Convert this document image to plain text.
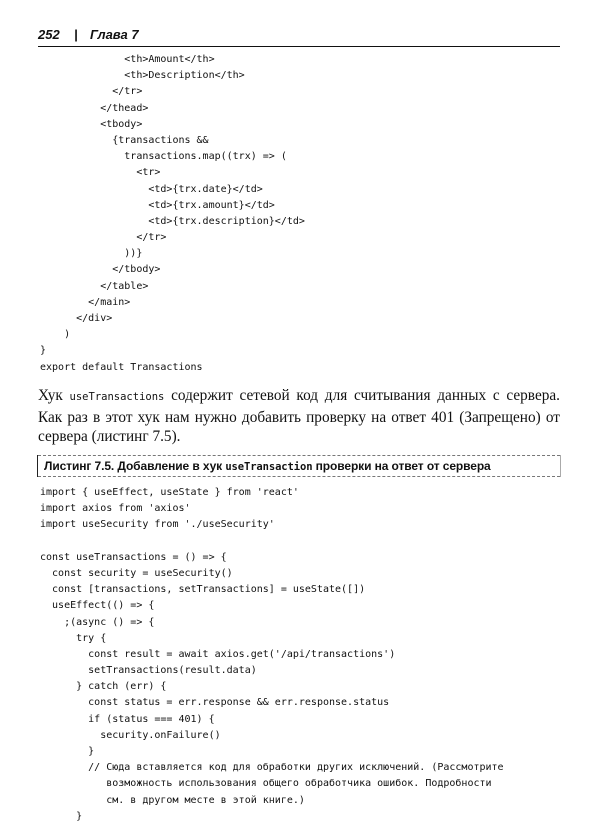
252 | Глава 7
<th>Amount</th>
<th>Description</th>
</tr>
</thead>
<tbody>
{transactions &&
transactions.map((trx) => (
<tr>
<td>{trx.date}</td>
<td>{trx.amount}</td>
<td>{trx.description}</td>
</tr>
))}
</tbody>
</table>
</main>
</div>
)
}
export default Transactions

Хук useTransactions содержит сетевой код для считывания данных с сервера. Как раз в этот хук нам нужно добавить проверку на ответ 401 (Запрещено) от сервера (листинг 7.5).

Листинг 7.5. Добавление в хук useTransaction проверки на ответ от сервера
import { useEffect, useState } from 'react'
import axios from 'axios'
import useSecurity from './useSecurity'
const useTransactions = () => {
const security = useSecurity()
const [transactions, setTransactions] = useState([])
useEffect(() => {
;(async () => {
try {
const result = await axios.get('/api/transactions')
setTransactions(result.data)
} catch (err) {
const status = err.response && err.response.status
if (status === 401) {
security.onFailure()
}
// Сюда вставляется код для обработки других исключений. (Рассмотрите
возможность использования общего обработчика ошибок. Подробности
см. в другом месте в этой книге.)
}
